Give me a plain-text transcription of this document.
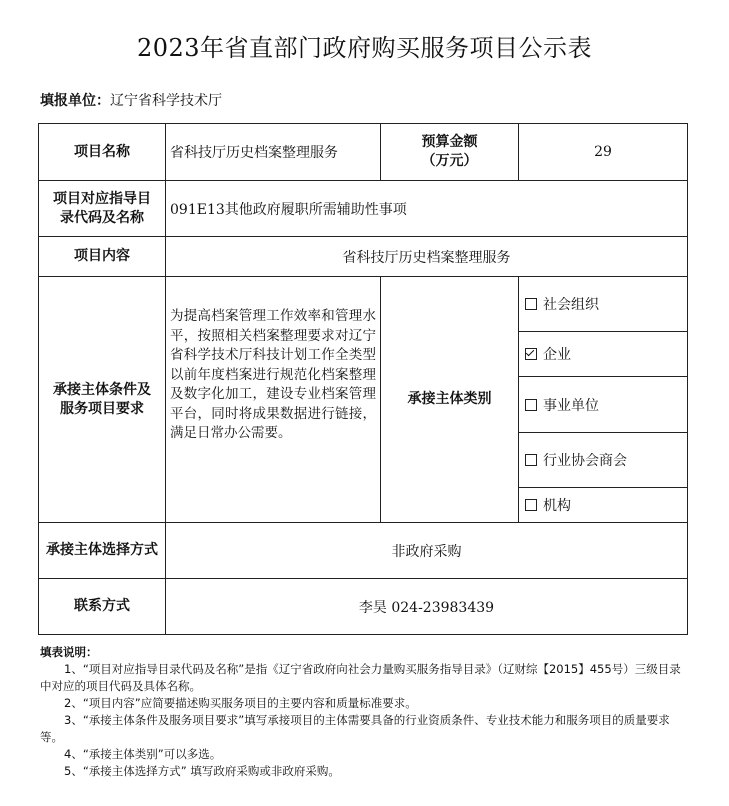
2023年省直部门政府购买服务项目公示表
填报单位：辽宁省科学技术厅
项目名称	省科技厅历史档案整理服务	预算金额
（万元）	29

项目对应指导目
录代码及名称	091E13其他政府履职所需辅助性事项		
项目内容	省科技厅历史档案整理服务		

承接主体条件及
服务项目要求	为提高档案管理工作效率和管理水平，按照相关档案整理要求对辽宁省科学技术厅科技计划工作全类型以前年度档案进行规范化档案整理及数字化加工，建设专业档案管理平台，同时将成果数据进行链接，满足日常办公需要。	承接主体类别	社会组织
			企业
			事业单位
			行业协会商会
			机构
承接主体选择方式	非政府采购		
联系方式	李昊 024-23983439		
填表说明：

1、“项目对应指导目录代码及名称”是指《辽宁省政府向社会力量购买服务指导目录》（辽财综【2015】455号）三级目录中对应的项目代码及具体名称。

2、“项目内容”应简要描述购买服务项目的主要内容和质量标准要求。

3、“承接主体条件及服务项目要求”填写承接项目的主体需要具备的行业资质条件、专业技术能力和服务项目的质量要求等。

4、“承接主体类别”可以多选。

5、“承接主体选择方式” 填写政府采购或非政府采购。
